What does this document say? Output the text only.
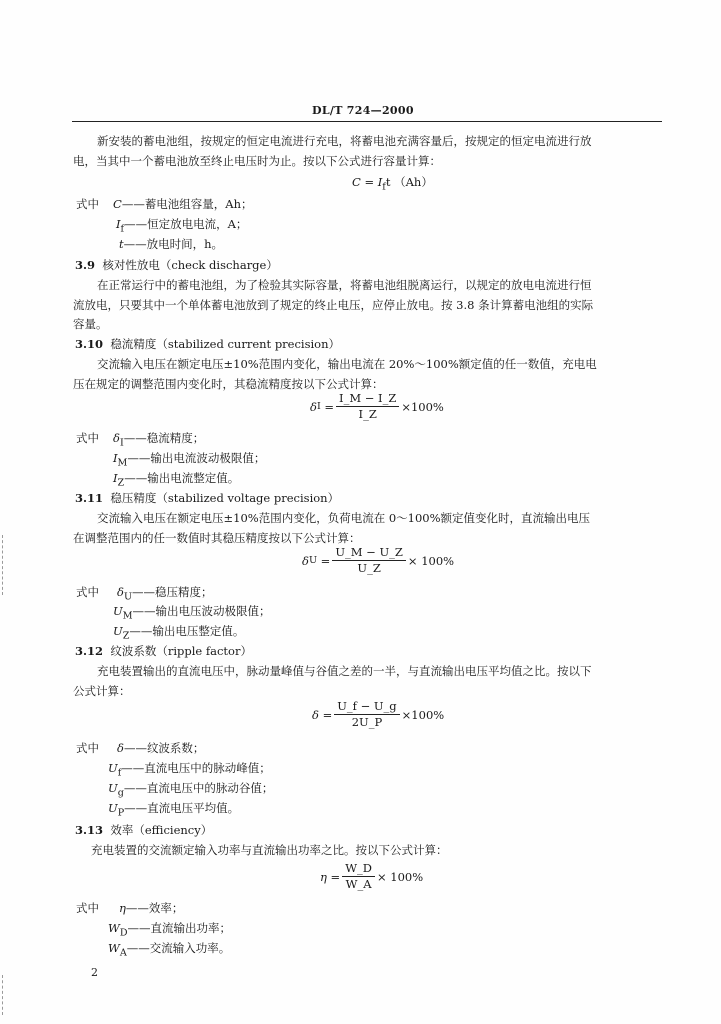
DL/T 724—2000
新安装的蓄电池组，按规定的恒定电流进行充电，将蓄电池充满容量后，按规定的恒定电流进行放
电，当其中一个蓄电池放至终止电压时为止。按以下公式进行容量计算：
$C = I_ft$ （Ah）
式中 C——蓄电池组容量，Ah；
$I_f——$恒定放电电流，A；
t——放电时间，h。
3.9 核对性放电（check discharge）
在正常运行中的蓄电池组，为了检验其实际容量，将蓄电池组脱离运行，以规定的放电电流进行恒
流放电，只要其中一个单体蓄电池放到了规定的终止电压，应停止放电。按 3.8 条计算蓄电池组的实际
容量。
3.10 稳流精度（stabilized current precision）
交流输入电压在额定电压±10%范围内变化，输出电流在 20%～100%额定值的任一数值，充电电
压在规定的调整范围内变化时，其稳流精度按以下公式计算：
δ $I = \frac{I\_M - I\_Z}{I\_Z} \times 100\%$
式中 $\delta_I——$稳流精度；
$I_M——$输出电流波动极限值；
$I_Z——$输出电流整定值。
3.11 稳压精度（stabilized voltage precision）
交流输入电压在额定电压±10%范围内变化，负荷电流在 0～100%额定值变化时，直流输出电压
在调整范围内的任一数值时其稳压精度按以下公式计算：
δ $U = \frac{U\_M - U\_Z}{U\_Z} \times 100\%$
式中 $\delta_U——$稳压精度；
$U_M——$输出电压波动极限值；
$U_Z——$输出电压整定值。
3.12 纹波系数（ripple factor）
充电装置输出的直流电压中，脉动量峰值与谷值之差的一半，与直流输出电压平均值之比。按以下
公式计算：
$\delta = \frac{U\_f - U\_g}{2U\_P} \times 100\%$
式中 δ——纹波系数；
$U_f——$直流电压中的脉动峰值；
$U_g——$直流电压中的脉动谷值；
$U_P——$直流电压平均值。
3.13 效率（efficiency）
充电装置的交流额定输入功率与直流输出功率之比。按以下公式计算：
$\eta = \frac{W\_D}{W\_A} \times 100\%$
式中 η——效率；
$W_D——$直流输出功率；
$W_A——$交流输入功率。
2
